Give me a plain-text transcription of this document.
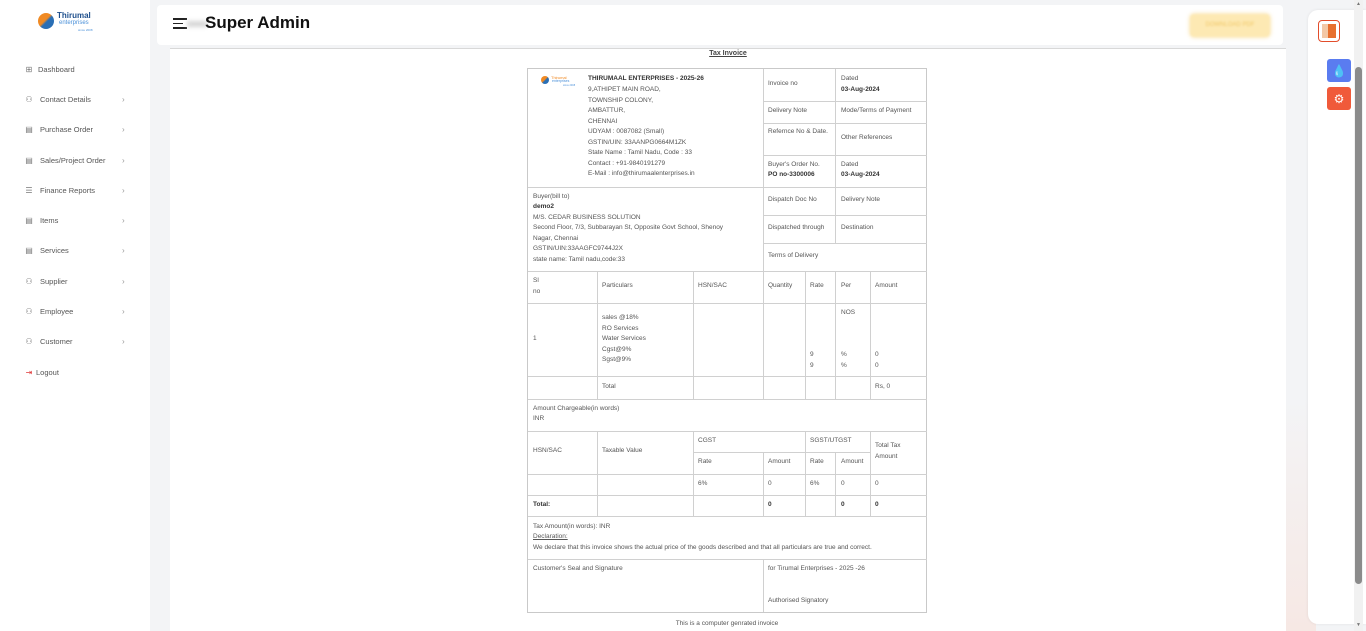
Thirumal
enterprises
since 2008
⊞ Dashboard
⚇ Contact Details	›
▤ Purchase Order	›
▤ Sales/Project Order ›
☰ Finance Reports	›
▤ Items	›
▤ Services	›
⚇ Supplier	›
⚇ Employee	›
⚇ Customer	›
⇥ Logout
Super Admin	DOWNLOAD PDF
Tax Invoice
Thirumal
enterprises
since 2008
THIRUMAAL ENTERPRISES - 2025-26
9,ATHIPET MAIN ROAD,
TOWNSHIP COLONY,
AMBATTUR,
CHENNAI
UDYAM : 0087082 (Small)
GSTIN/UIN: 33AANPG0664M1ZK
State Name : Tamil Nadu, Code : 33
Contact : +91-9840191279
E-Mail : info@thirumaalenterprises.in
Invoice no
Dated
03-Aug-2024
Delivery Note	Mode/Terms of Payment
Refernce No & Date.
Other References
Buyer's Order No.
PO no-3300006
Dated
03-Aug-2024
Dispatch Doc No	Delivery Note
Dispatched through	Destination
Terms of Delivery
Buyer(bill to)
demo2
M/S. CEDAR BUSINESS SOLUTION
Second Floor, 7/3, Subbarayan St, Opposite Govt School, Shenoy
Nagar, Chennai
GSTIN/UIN:33AAGFC9744J2X
state name: Tamil nadu,code:33
Sl
no
Particulars	HSN/SAC	Quantity	Rate	Per	Amount
1
sales @18%
RO Services
Water Services
Cgst@9%
Sgst@9%
NOS
9
9
%
%
0
0
Total	Rs, 0
Amount Chargeable(in words)
INR
HSN/SAC	Taxable Value
CGST	SGST/UTGST
Total Tax
Amount
Rate	Amount	Rate	Amount
6%	0	6%	0	0
Total:	0	0	0
Tax Amount(in words): INR
Declaration:
We declare that this invoice shows the actual price of the goods described and that all particulars are true and correct.
Customer's Seal and Signature	for Tirumal Enterprises - 2025 -26
Authorised Signatory
This is a computer genrated invoice
💧
⚙
▲
▼
